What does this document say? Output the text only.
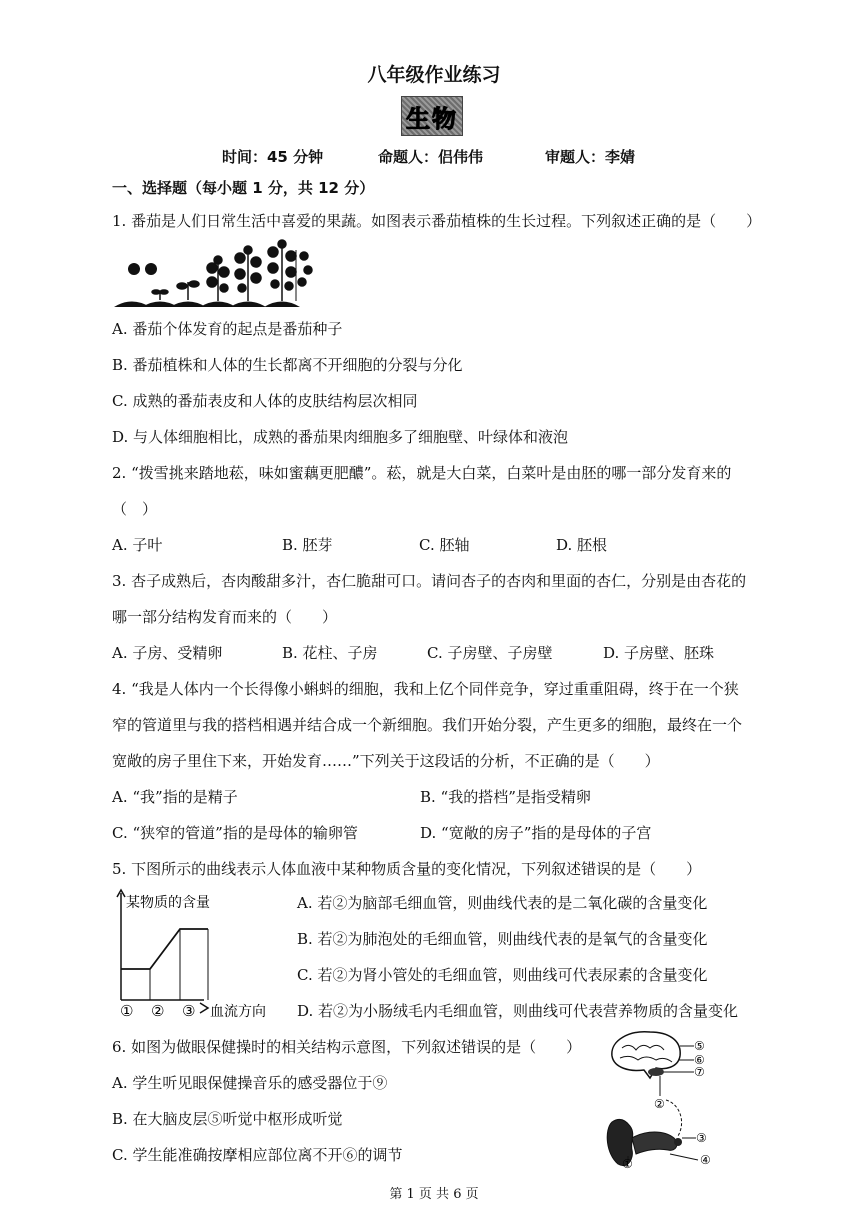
八年级作业练习
生物
时间：45 分钟	命题人：侣伟伟	审题人：李婧
一、选择题（每小题 1 分，共 12 分）
1. 番茄是人们日常生活中喜爱的果蔬。如图表示番茄植株的生长过程。下列叙述正确的是（　　）
A. 番茄个体发育的起点是番茄种子
B. 番茄植株和人体的生长都离不开细胞的分裂与分化
C. 成熟的番茄表皮和人体的皮肤结构层次相同
D. 与人体细胞相比，成熟的番茄果肉细胞多了细胞壁、叶绿体和液泡
2. “拨雪挑来踏地菘，味如蜜藕更肥醲”。菘，就是大白菜，白菜叶是由胚的哪一部分发育来的
（　）
A. 子叶	B. 胚芽	C. 胚轴	D. 胚根
3. 杏子成熟后，杏肉酸甜多汁，杏仁脆甜可口。请问杏子的杏肉和里面的杏仁，分别是由杏花的
哪一部分结构发育而来的（　　）
A. 子房、受精卵	B. 花柱、子房	C. 子房壁、子房壁	D. 子房壁、胚珠
4. “我是人体内一个长得像小蝌蚪的细胞，我和上亿个同伴竞争，穿过重重阻碍，终于在一个狭
窄的管道里与我的搭档相遇并结合成一个新细胞。我们开始分裂，产生更多的细胞，最终在一个
宽敞的房子里住下来，开始发育……”下列关于这段话的分析，不正确的是（　　）
A. “我”指的是精子	B. “我的搭档”是指受精卵
C. “狭窄的管道”指的是母体的输卵管	D. “宽敞的房子”指的是母体的子宫
5. 下图所示的曲线表示人体血液中某种物质含量的变化情况，下列叙述错误的是（　　）
某物质的含量
① ② ③ 血流方向
A. 若②为脑部毛细血管，则曲线代表的是二氧化碳的含量变化
B. 若②为肺泡处的毛细血管，则曲线代表的是氧气的含量变化
C. 若②为肾小管处的毛细血管，则曲线可代表尿素的含量变化
D. 若②为小肠绒毛内毛细血管，则曲线可代表营养物质的含量变化
6. 如图为做眼保健操时的相关结构示意图，下列叙述错误的是（　　）	⑤
⑥
⑦
②
③
①	④
A. 学生听见眼保健操音乐的感受器位于⑨
B. 在大脑皮层⑤听觉中枢形成听觉
C. 学生能准确按摩相应部位离不开⑥的调节
第 1 页 共 6 页
